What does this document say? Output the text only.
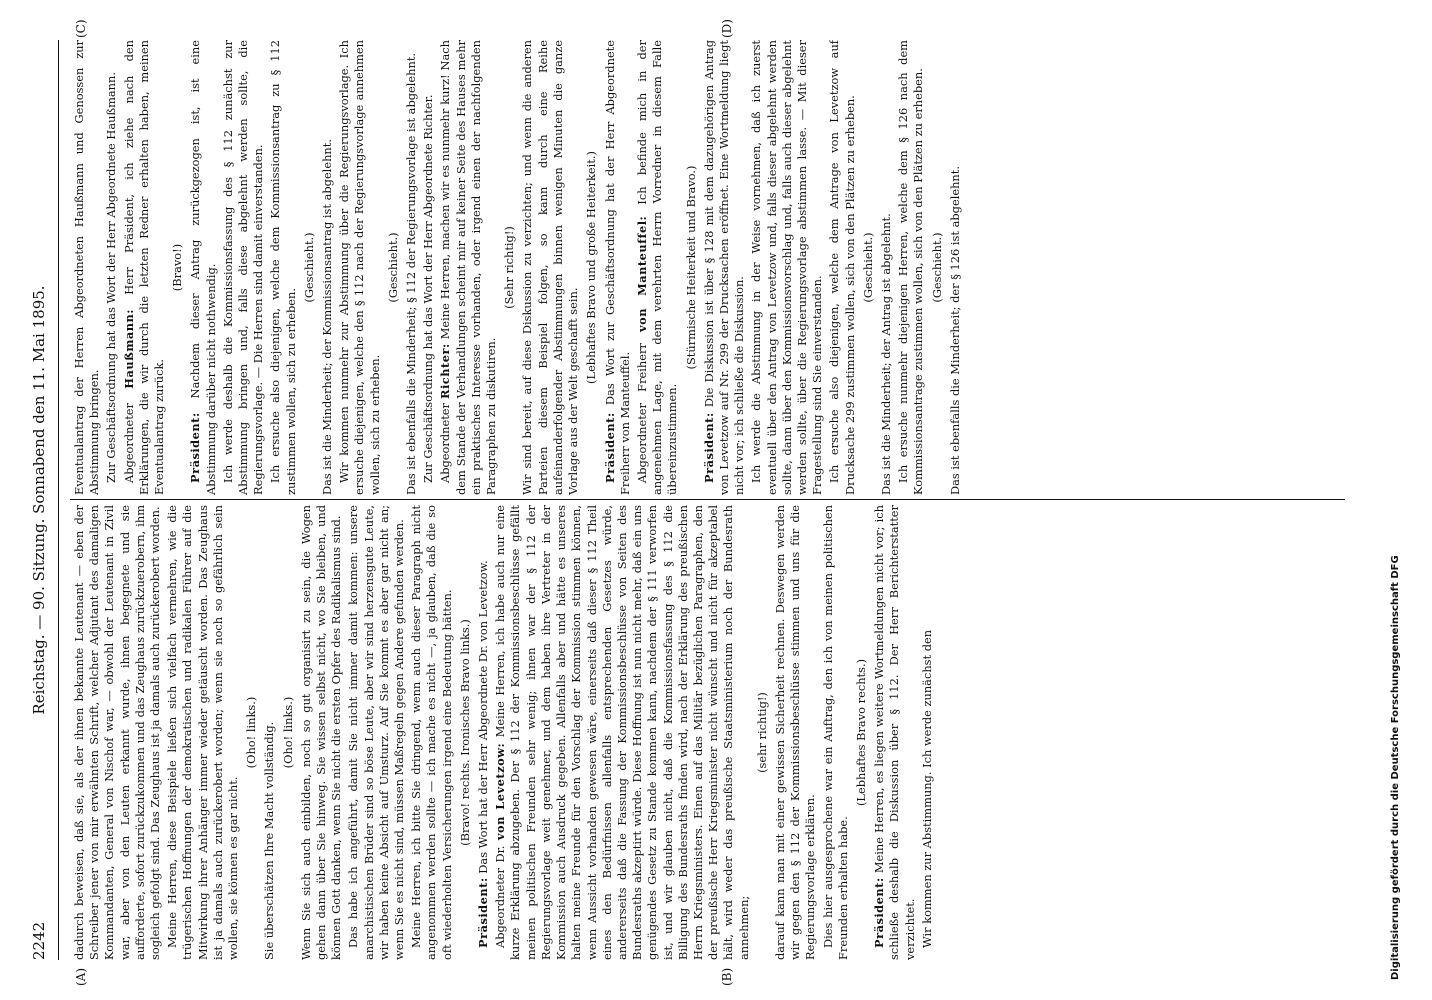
2242
Reichstag. — 90. Sitzung. Sonnabend den 11. Mai 1895.
(A)	(B)
(C)	(D)

dadurch beweisen, daß sie, als der ihnen bekannte Leutenant — eben der Schreiber jener von mir erwähnten Schrift, welcher Adjutant des damaligen Kommandanten, General von Nischof war, — obwohl der Leutenant in Zivil war, aber von den Leuten erkannt wurde, ihnen begegnete und sie aufforderte, sofort zurückzukommen und das Zeughaus zurückzuerobern, ihm sogleich gefolgt sind. Das Zeughaus ist ja damals auch zurückerobert worden. Meine Herren, diese Beispiele ließen sich vielfach vermehren, wie die trügerischen Hoffnungen der demokratischen und radikalen Führer auf die Mitwirkung ihrer Anhänger immer wieder getäuscht worden. Das Zeughaus ist ja damals auch zurückerobert worden; wenn sie noch so gefährlich sein wollen, sie können es gar nicht.

(Oho! links.) Sie überschätzen Ihre Macht vollständig. (Oho! links.) Wenn Sie sich auch einbilden, noch so gut organisirt zu sein, die Wogen gehen dann über Sie hinweg. Sie wissen selbst nicht, wo Sie bleiben, und können Gott danken, wenn Sie nicht die ersten Opfer des Radikalismus sind. Das habe ich angeführt, damit Sie nicht immer damit kommen: unsere anarchistischen Brüder sind so böse Leute, aber wir sind herzensgute Leute, wir haben keine Absicht auf Umsturz. Auf Sie kommt es aber gar nicht an; wenn Sie es nicht sind, müssen Maßregeln gegen Andere gefunden werden. Meine Herren, ich bitte Sie dringend, wenn auch dieser Paragraph nicht angenommen werden sollte — ich mache es nicht —, ja glauben, daß die so oft wiederholten Versicherungen irgend eine Bedeutung hätten. (Bravo! rechts. Ironisches Bravo links.)

Präsident: Das Wort hat der Herr Abgeordnete Dr. von Levetzow.

Abgeordneter Dr. von Levetzow: Meine Herren, ich habe auch nur eine kurze Erklärung abzugeben. Der § 112 der Kommissionsbeschlüsse gefällt meinen politischen Freunden sehr wenig; ihnen war der § 112 der Regierungsvorlage weit genehmer, und dem haben ihre Vertreter in der Kommission auch Ausdruck gegeben. Allenfalls aber und hätte es unseres halten meine Freunde für den Vorschlag der Kommission stimmen können, wenn Aussicht vorhanden gewesen wäre, einerseits daß dieser § 112 Theil eines den Bedürfnissen allenfalls entsprechenden Gesetzes würde, andererseits daß die Fassung der Kommissionsbeschlüsse von Seiten des Bundesraths akzeptirt würde. Diese Hoffnung ist nun nicht mehr, daß ein uns genügendes Gesetz zu Stande kommen kann, nachdem der § 111 verworfen ist, und wir glauben nicht, daß die Kommissionsfassung des § 112 die Billigung des Bundesraths finden wird, nach der Erklärung des preußischen Herrn Kriegsministers. Einen auf das Militär bezüglichen Paragraphen, den der preußische Herr Kriegsminister nicht wünscht und nicht für akzeptabel hält, wird weder das preußische Staatsministerium noch der Bundesrath annehmen;

(sehr richtig!) darauf kann man mit einer gewissen Sicherheit rechnen. Deswegen werden wir gegen den § 112 der Kommissionsbeschlüsse stimmen und uns für die Regierungsvorlage erklären. Dies hier ausgesprochene war ein Auftrag, den ich von meinen politischen Freunden erhalten habe.

(Lebhaftes Bravo rechts.)

Präsident: Meine Herren, es liegen weitere Wortmeldungen nicht vor; ich schließe deshalb die Diskussion über § 112. Der Herr Berichterstatter verzichtet. Wir kommen zur Abstimmung. Ich werde zunächst den

Eventualantrag der Herren Abgeordneten Haußmann und Genossen zur Abstimmung bringen. Zur Geschäftsordnung hat das Wort der Herr Abgeordnete Haußmann. Abgeordneter Haußmann: Herr Präsident, ich ziehe nach den Erklärungen, die wir durch die letzten Redner erhalten haben, meinen Eventualantrag zurück.

(Bravo!)

Präsident: Nachdem dieser Antrag zurückgezogen ist, ist eine Abstimmung darüber nicht nothwendig. Ich werde deshalb die Kommissionsfassung des § 112 zunächst zur Abstimmung bringen und, falls diese abgelehnt werden sollte, die Regierungsvorlage. — Die Herren sind damit einverstanden. Ich ersuche also diejenigen, welche dem Kommissionsantrag zu § 112 zustimmen wollen, sich zu erheben.

(Geschieht.) Das ist die Minderheit; der Kommissionsantrag ist abgelehnt. Wir kommen nunmehr zur Abstimmung über die Regierungsvorlage. Ich ersuche diejenigen, welche den § 112 nach der Regierungsvorlage annehmen wollen, sich zu erheben.

(Geschieht.) Das ist ebenfalls die Minderheit; § 112 der Regierungsvorlage ist abgelehnt. Zur Geschäftsordnung hat das Wort der Herr Abgeordnete Richter. Abgeordneter Richter: Meine Herren, machen wir es nunmehr kurz! Nach dem Stande der Verhandlungen scheint mir auf keiner Seite des Hauses mehr ein praktisches Interesse vorhanden, oder irgend einen der nachfolgenden Paragraphen zu diskutiren.

(Sehr richtig!) Wir sind bereit, auf diese Diskussion zu verzichten; und wenn die anderen Parteien diesem Beispiel folgen, so kann durch eine Reihe aufeinanderfolgender Abstimmungen binnen wenigen Minuten die ganze Vorlage aus der Welt geschafft sein.

(Lebhaftes Bravo und große Heiterkeit.)

Präsident: Das Wort zur Geschäftsordnung hat der Herr Abgeordnete Freiherr von Manteuffel. Abgeordneter Freiherr von Manteuffel: Ich befinde mich in der angenehmen Lage, mit dem verehrten Herrn Vorredner in diesem Falle übereinzustimmen.

(Stürmische Heiterkeit und Bravo.)

Präsident: Die Diskussion ist über § 128 mit dem dazugehörigen Antrag von Levetzow auf Nr. 299 der Drucksachen eröffnet. Eine Wortmeldung liegt nicht vor; ich schließe die Diskussion. Ich werde die Abstimmung in der Weise vornehmen, daß ich zuerst eventuell über den Antrag von Levetzow und, falls dieser abgelehnt werden sollte, dann über den Kommissionsvorschlag und, falls auch dieser abgelehnt werden sollte, über die Regierungsvorlage abstimmen lasse. — Mit dieser Fragestellung sind Sie einverstanden. Ich ersuche also diejenigen, welche dem Antrage von Levetzow auf Drucksache 299 zustimmen wollen, sich von den Plätzen zu erheben. (Geschieht.) Das ist die Minderheit; der Antrag ist abgelehnt. Ich ersuche nunmehr diejenigen Herren, welche dem § 126 nach dem Kommissionsantrage zustimmen wollen, sich von den Plätzen zu erheben. (Geschieht.) Das ist ebenfalls die Minderheit; der § 126 ist abgelehnt.

Digitalisierung gefördert durch die Deutsche Forschungsgemeinschaft DFG
